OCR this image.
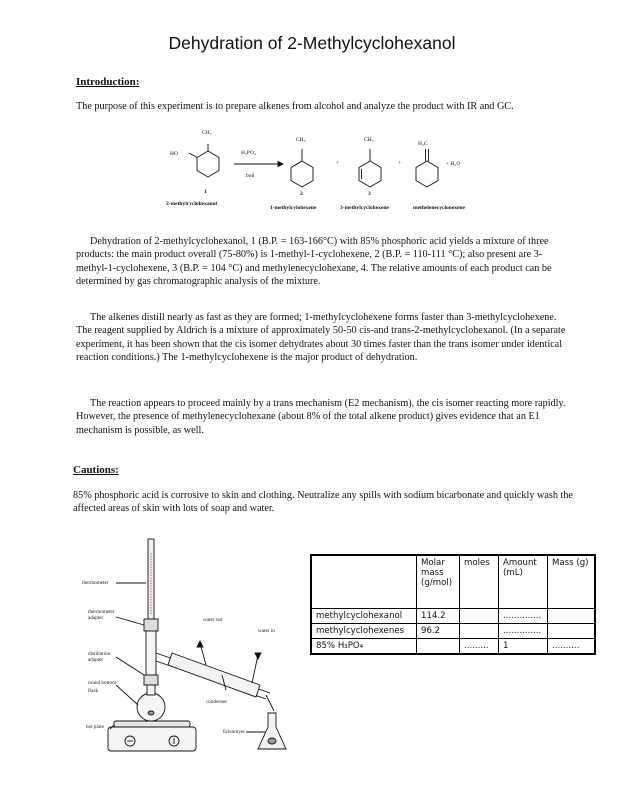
Dehydration of 2-Methylcyclohexanol
Introduction:
The purpose of this experiment is to prepare alkenes from alcohol and analyze the product with IR and GC.
CH₃
HO	H₃PO₄
boil
CH₃
+
CH₃
+
H₂C
+ H₂O
1	2	3
2-methylcyclohexanol
1-methylcylohexene	3-methylcyclohexene	methelenecyclonexene

Dehydration of 2-methylcyclohexanol, 1 (B.P. = 163-166°C) with 85% phosphoric acid yields a mixture of three products: the main product overall (75-80%) is 1-methyl-1-cyclohexene, 2 (B.P. = 110-111 °C); also present are 3-methyl-1-cyclohexene, 3 (B.P. = 104 °C) and methylenecyclohexane, 4. The relative amounts of each product can be determined by gas chromatographic analysis of the mixture.

The alkenes distill nearly as fast as they are formed; 1-methylcyclohexene forms faster than 3-methylcyclohexene. The reagent supplied by Aldrich is a mixture of approximately 50-50 cis-and trans-2-methylcyclohexanol. (In a separate experiment, it has been shown that the cis isomer dehydrates about 30 times faster than the trans isomer under identical reaction conditions.) The 1-methylcyclohexene is the major product of dehydration.

The reaction appears to proceed mainly by a trans mechanism (E2 mechanism), the cis isomer reacting more rapidly. However, the presence of methylenecyclohexane (about 8% of the total alkene product) gives evidence that an E1 mechanism is possible, as well.

Cautions:
85% phosphoric acid is corrosive to skin and clothing. Neutralize any spills with sodium bicarbonate and quickly wash the affected areas of skin with lots of soap and water.
thermometer
thermometer
adapter
distillation
adapter
round bottom
flask
hot plate
water out
water in
condenser
Erlenmyer
	Molar mass (g/mol)	moles	Amount (mL)	Mass (g)
methylcyclohexanol	114.2		..............	
methylcyclohexenes	96.2		..............	
85% H₃PO₄		.........	1	..........
